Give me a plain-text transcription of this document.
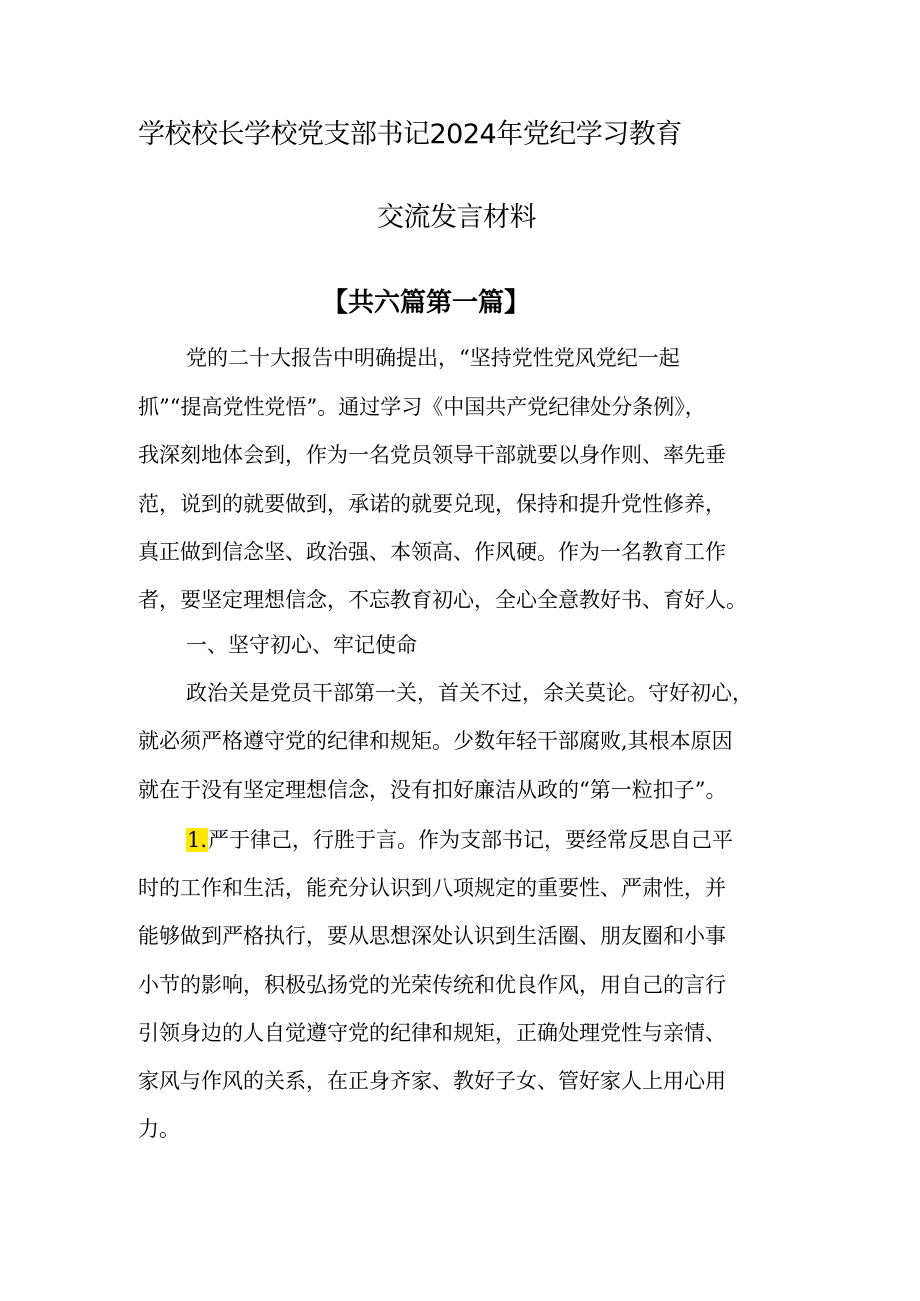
学校校长学校党支部书记2024年党纪学习教育
交流发言材料
【共六篇第一篇】
党的二十大报告中明确提出，“坚持党性党风党纪一起
抓”“提高党性党悟”。通过学习《中国共产党纪律处分条例》，
我深刻地体会到，作为一名党员领导干部就要以身作则、率先垂
范，说到的就要做到，承诺的就要兑现，保持和提升党性修养，
真正做到信念坚、政治强、本领高、作风硬。作为一名教育工作
者，要坚定理想信念，不忘教育初心，全心全意教好书、育好人。
一、坚守初心、牢记使命
政治关是党员干部第一关，首关不过，余关莫论。守好初心，
就必须严格遵守党的纪律和规矩。少数年轻干部腐败,其根本原因
就在于没有坚定理想信念，没有扣好廉洁从政的“第一粒扣子”。
1.严于律己，行胜于言。作为支部书记，要经常反思自己平
时的工作和生活，能充分认识到八项规定的重要性、严肃性，并
能够做到严格执行，要从思想深处认识到生活圈、朋友圈和小事
小节的影响，积极弘扬党的光荣传统和优良作风，用自己的言行
引领身边的人自觉遵守党的纪律和规矩，正确处理党性与亲情、
家风与作风的关系，在正身齐家、教好子女、管好家人上用心用
力。
